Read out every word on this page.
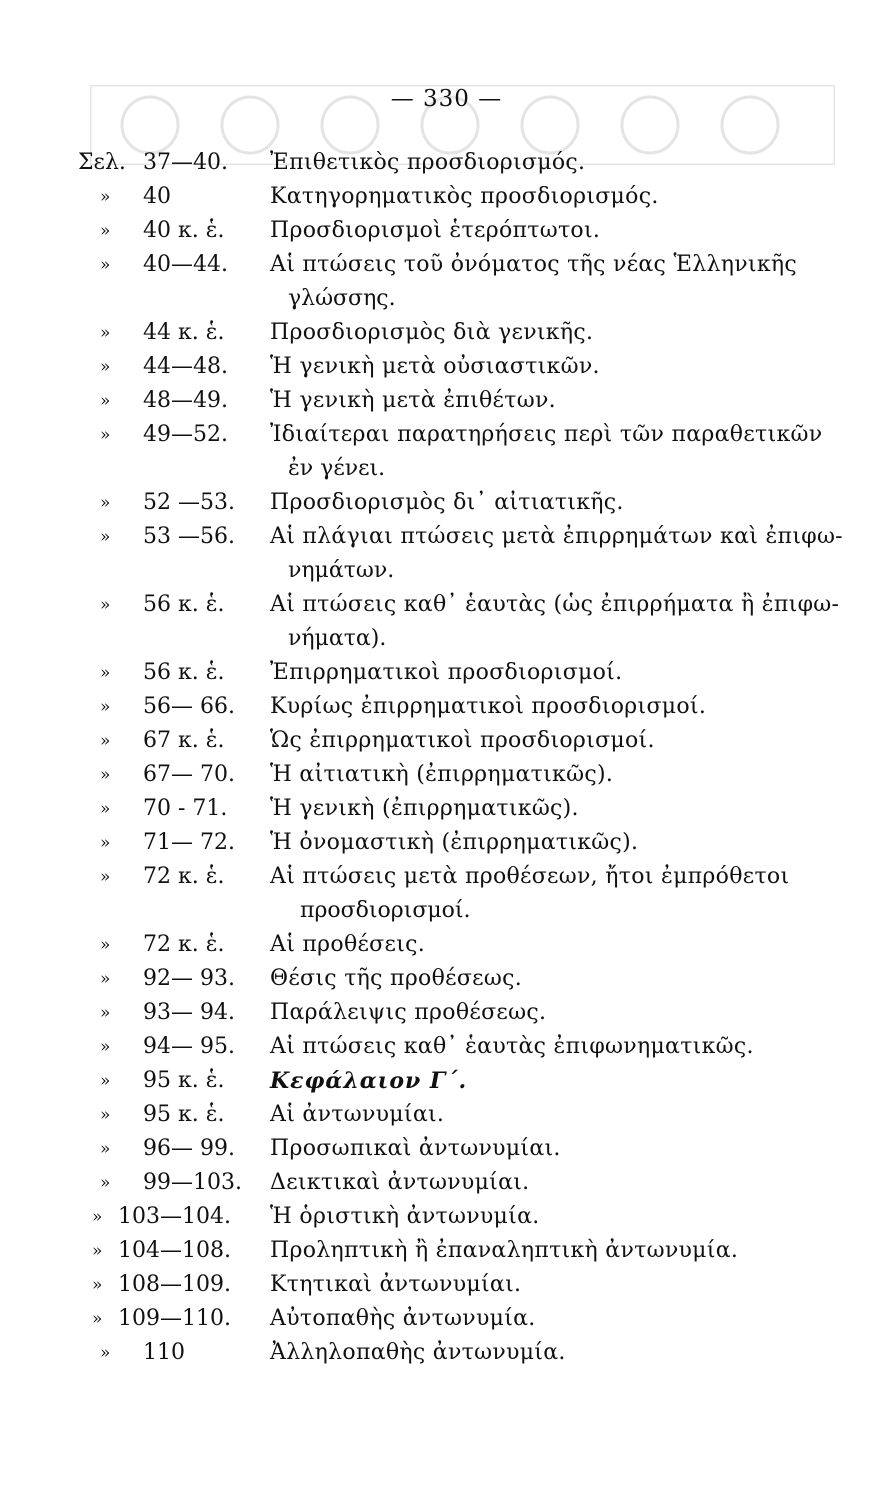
— 330 —
Σελ. 37—40.	Ἐπιθετικὸς προσδιορισμός.
»	40	Κατηγορηματικὸς προσδιορισμός.
»	40 κ. ἑ.	Προσδιορισμοὶ ἑτερόπτωτοι.
»	40—44.	Αἱ πτώσεις τοῦ ὀνόματος τῆς νέας Ἑλληνικῆς
γλώσσης.
»	44 κ. ἑ.	Προσδιορισμὸς διὰ γενικῆς.
»	44—48.	Ἡ γενικὴ μετὰ οὐσιαστικῶν.
»	48—49.	Ἡ γενικὴ μετὰ ἐπιθέτων.
»	49—52.	Ἰδιαίτεραι παρατηρήσεις περὶ τῶν παραθετικῶν
ἐν γένει.
»	52 —53.	Προσδιορισμὸς δι᾽ αἰτιατικῆς.
»	53 —56.	Αἱ πλάγιαι πτώσεις μετὰ ἐπιρρημάτων καὶ ἐπιφω-
νημάτων.
»	56 κ. ἑ.	Αἱ πτώσεις καθ᾽ ἑαυτὰς (ὡς ἐπιρρήματα ἢ ἐπιφω-
νήματα).
»	56 κ. ἑ.	Ἐπιρρηματικοὶ προσδιορισμοί.
»	56— 66.	Κυρίως ἐπιρρηματικοὶ προσδιορισμοί.
»	67 κ. ἑ.	Ὡς ἐπιρρηματικοὶ προσδιορισμοί.
»	67— 70.	Ἡ αἰτιατικὴ (ἐπιρρηματικῶς).
»	70 - 71.	Ἡ γενικὴ (ἐπιρρηματικῶς).
»	71— 72.	Ἡ ὀνομαστικὴ (ἐπιρρηματικῶς).
»	72 κ. ἑ.	Αἱ πτώσεις μετὰ προθέσεων, ἤτοι ἐμπρόθετοι
προσδιορισμοί.
»	72 κ. ἑ.	Αἱ προθέσεις.
»	92— 93.	Θέσις τῆς προθέσεως.
»	93— 94.	Παράλειψις προθέσεως.
»	94— 95.	Αἱ πτώσεις καθ᾽ ἑαυτὰς ἐπιφωνηματικῶς.
»	95 κ. ἑ.	Κεφάλαιον Γ΄.
»	95 κ. ἑ.	Αἱ ἀντωνυμίαι.
»	96— 99.	Προσωπικαὶ ἀντωνυμίαι.
»	99—103.	Δεικτικαὶ ἀντωνυμίαι.
» 103—104.	Ἡ ὁριστικὴ ἀντωνυμία.
» 104—108.	Προληπτικὴ ἢ ἐπαναληπτικὴ ἀντωνυμία.
» 108—109.	Κτητικαὶ ἀντωνυμίαι.
» 109—110.	Αὐτοπαθὴς ἀντωνυμία.
»	110	Ἀλληλοπαθὴς ἀντωνυμία.
